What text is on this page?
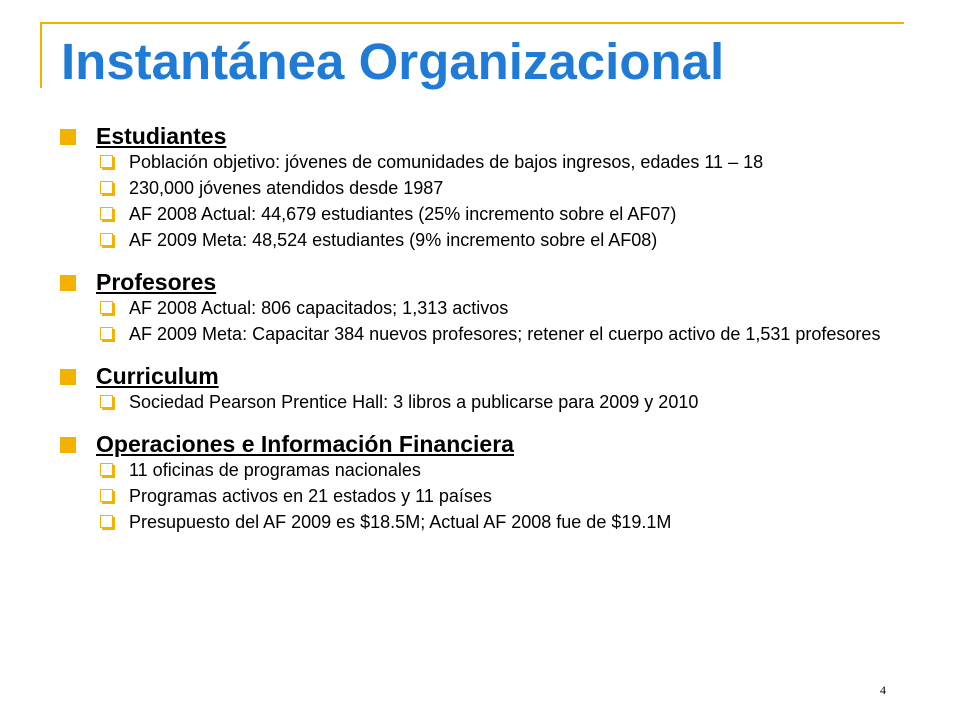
Instantánea Organizacional
Estudiantes
Población objetivo: jóvenes de comunidades de bajos ingresos, edades 11 – 18
230,000 jóvenes atendidos desde 1987
AF 2008 Actual: 44,679 estudiantes (25% incremento sobre el AF07)
AF 2009 Meta: 48,524 estudiantes (9% incremento sobre el AF08)
Profesores
AF 2008 Actual: 806 capacitados; 1,313 activos
AF 2009 Meta: Capacitar 384 nuevos profesores; retener el cuerpo activo de 1,531 profesores
Curriculum
Sociedad Pearson Prentice Hall: 3 libros a publicarse para 2009 y 2010
Operaciones e Información Financiera
11 oficinas de programas nacionales
Programas activos en 21 estados y 11 países
Presupuesto del AF 2009 es $18.5M; Actual AF 2008 fue de $19.1M
4
